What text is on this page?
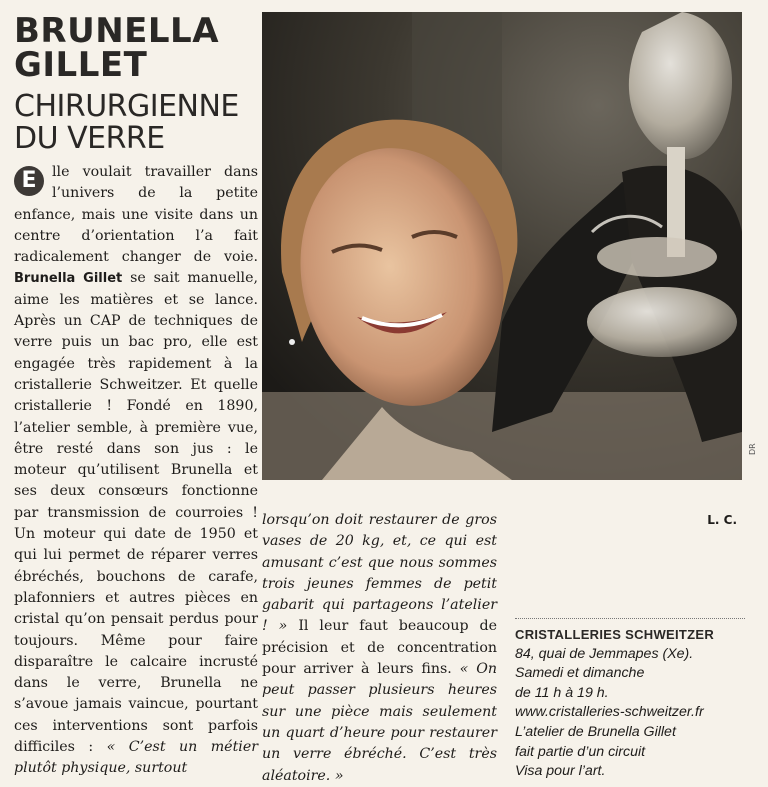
BRUNELLA
GILLET
CHIRURGIENNE
DU VERRE
DR

E	lle voulait travailler dans l’univers de la petite enfance, mais une visite dans un centre d’orientation l’a fait radicalement changer de voie. Brunella Gillet se sait manuelle, aime les matières et se lance. Après un CAP de techniques de verre puis un bac pro, elle est engagée très rapidement à la cristallerie Schweitzer. Et quelle cristallerie ! Fondé en 1890, l’atelier semble, à première vue, être resté dans son jus : le moteur qu’utilisent Brunella et ses deux consœurs fonctionne par transmission de courroies ! Un moteur qui date de 1950 et qui lui permet de réparer verres ébréchés, bouchons de carafe, plafonniers et autres pièces en cristal qu’on pensait perdus pour toujours. Même pour faire disparaître le calcaire incrusté dans le verre, Brunella ne s’avoue jamais vaincue, pourtant ces interventions sont parfois difficiles : « C’est un métier plutôt physique, surtout

lorsqu’on doit restaurer de gros vases de 20 kg, et, ce qui est amusant c’est que nous sommes trois jeunes femmes de petit gabarit qui partageons l’atelier ! » Il leur faut beaucoup de précision et de concentration pour arriver à leurs fins. « On peut passer plusieurs heures sur une pièce mais seulement un quart d’heure pour restaurer un verre ébréché. C’est très aléatoire. »

CRISTALLERIES SCHWEITZER
84, quai de Jemmapes (Xe).
Samedi et dimanche
de 11 h à 19 h.
www.cristalleries-schweitzer.fr
L’atelier de Brunella Gillet
fait partie d’un circuit
Visa pour l’art.

L. C.
